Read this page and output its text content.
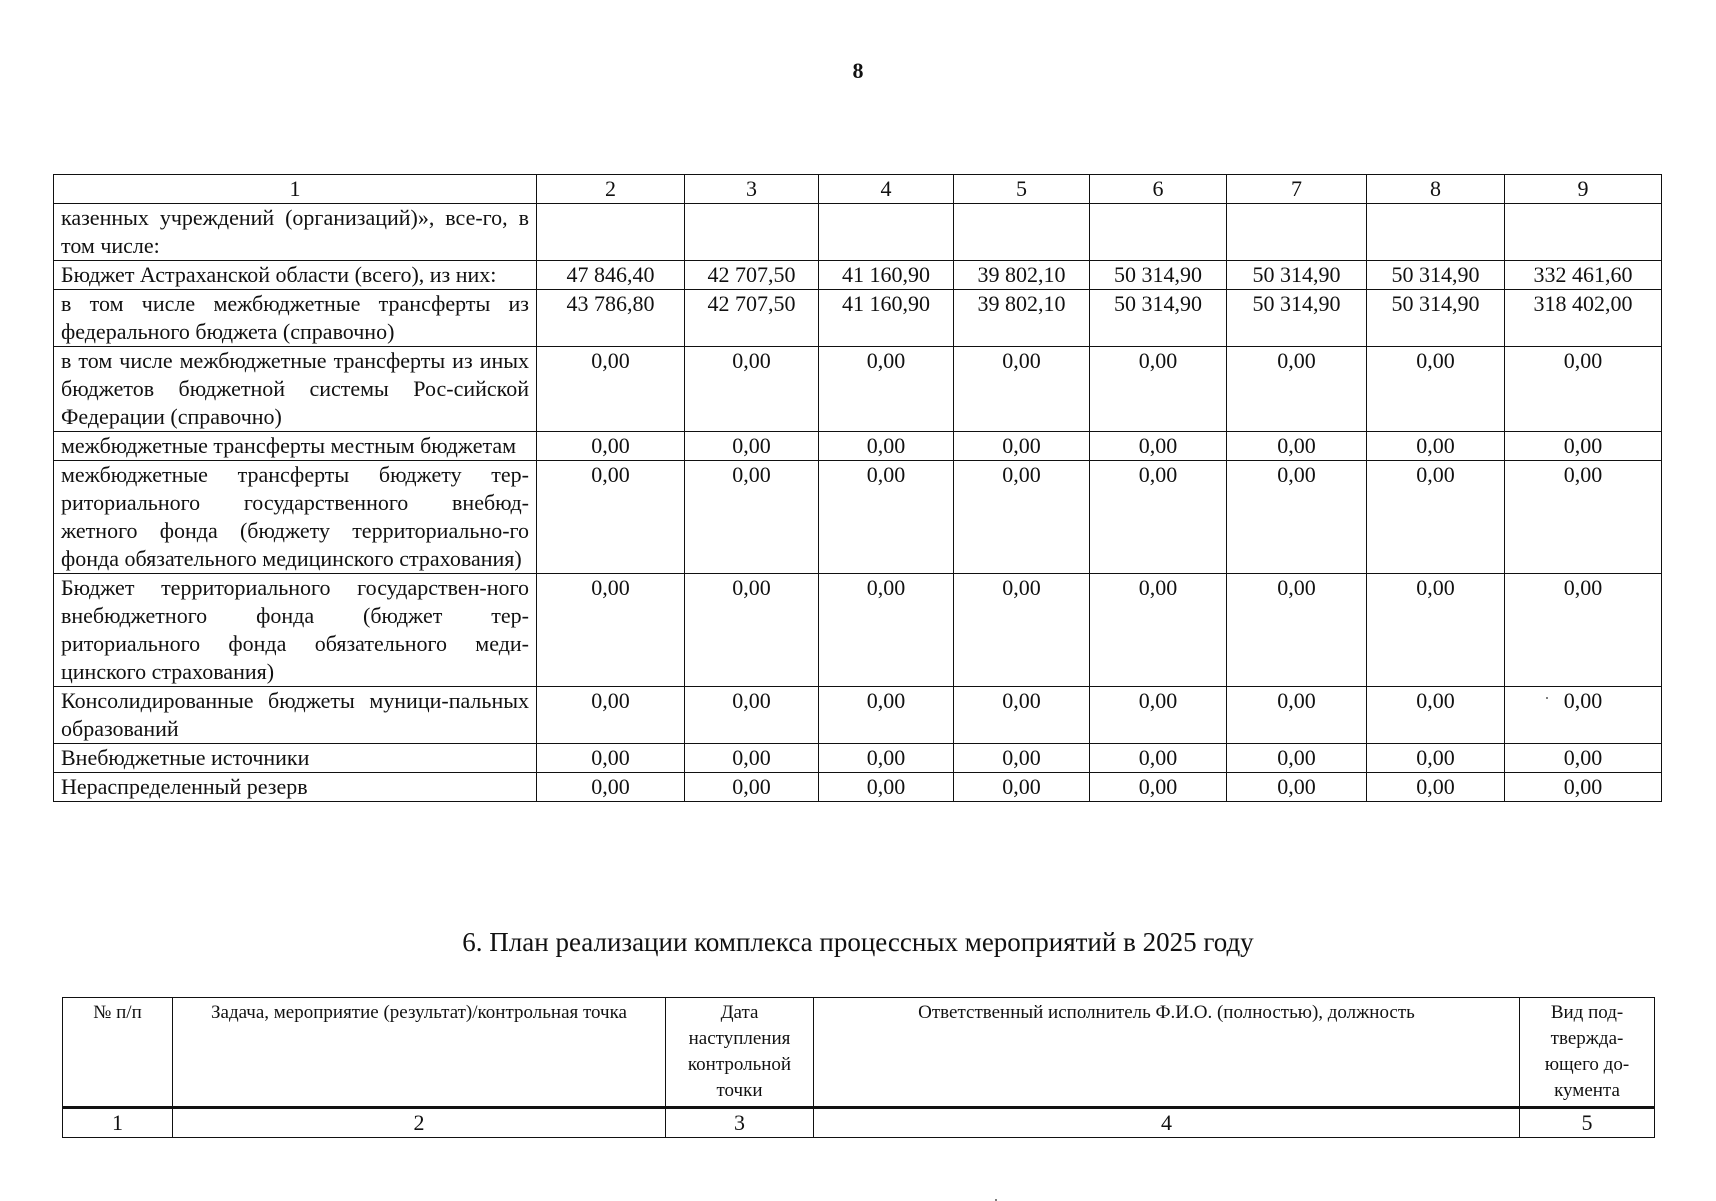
8
1	2	3	4	5	6	7	8	9
казенных учреждений (организаций)», все-го, в том числе:								
Бюджет Астраханской области (всего), из них:	47 846,40	42 707,50	41 160,90	39 802,10	50 314,90	50 314,90	50 314,90	332 461,60
в том числе межбюджетные трансферты из федерального бюджета (справочно)	43 786,80	42 707,50	41 160,90	39 802,10	50 314,90	50 314,90	50 314,90	318 402,00
в том числе межбюджетные трансферты из иных бюджетов бюджетной системы Рос-сийской Федерации (справочно)	0,00	0,00	0,00	0,00	0,00	0,00	0,00	0,00
межбюджетные трансферты местным бюджетам	0,00	0,00	0,00	0,00	0,00	0,00	0,00	0,00
межбюджетные трансферты бюджету тер-риториального государственного внебюд-жетного фонда (бюджету территориально-го фонда обязательного медицинского страхования)	0,00	0,00	0,00	0,00	0,00	0,00	0,00	0,00
Бюджет территориального государствен-ного внебюджетного фонда (бюджет тер-риториального фонда обязательного меди-цинского страхования)	0,00	0,00	0,00	0,00	0,00	0,00	0,00	0,00
Консолидированные бюджеты муници-пальных образований	0,00	0,00	0,00	0,00	0,00	0,00	0,00	0,00
Внебюджетные источники	0,00	0,00	0,00	0,00	0,00	0,00	0,00	0,00
Нераспределенный резерв	0,00	0,00	0,00	0,00	0,00	0,00	0,00	0,00
6. План реализации комплекса процессных мероприятий в 2025 году
№ п/п	Задача, мероприятие (результат)/контрольная точка	Дата наступления контрольной точки	Ответственный исполнитель Ф.И.О. (полностью), должность	Вид под-тверждa-ющего до-кумента
1	2	3	4	5
